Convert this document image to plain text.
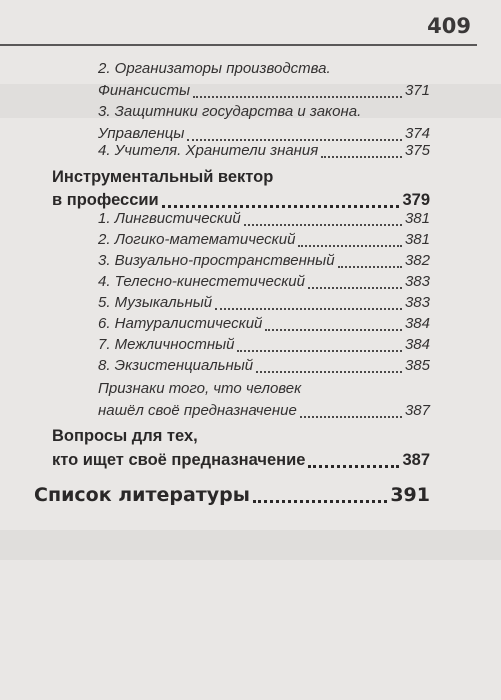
409
2. Организаторы производства.
Финансисты	371
3. Защитники государства и закона.
Управленцы	374
4. Учителя. Хранители знания	375
Инструментальный вектор
в профессии	379
1. Лингвистический	381
2. Логико-математический	381
3. Визуально-пространственный	382
4. Телесно-кинестетический	383
5. Музыкальный	383
6. Натуралистический	384
7. Межличностный	384
8. Экзистенциальный	385
Признаки того, что человек
нашёл своё предназначение	387
Вопросы для тех,
кто ищет своё предназначение	387
Список литературы	391
